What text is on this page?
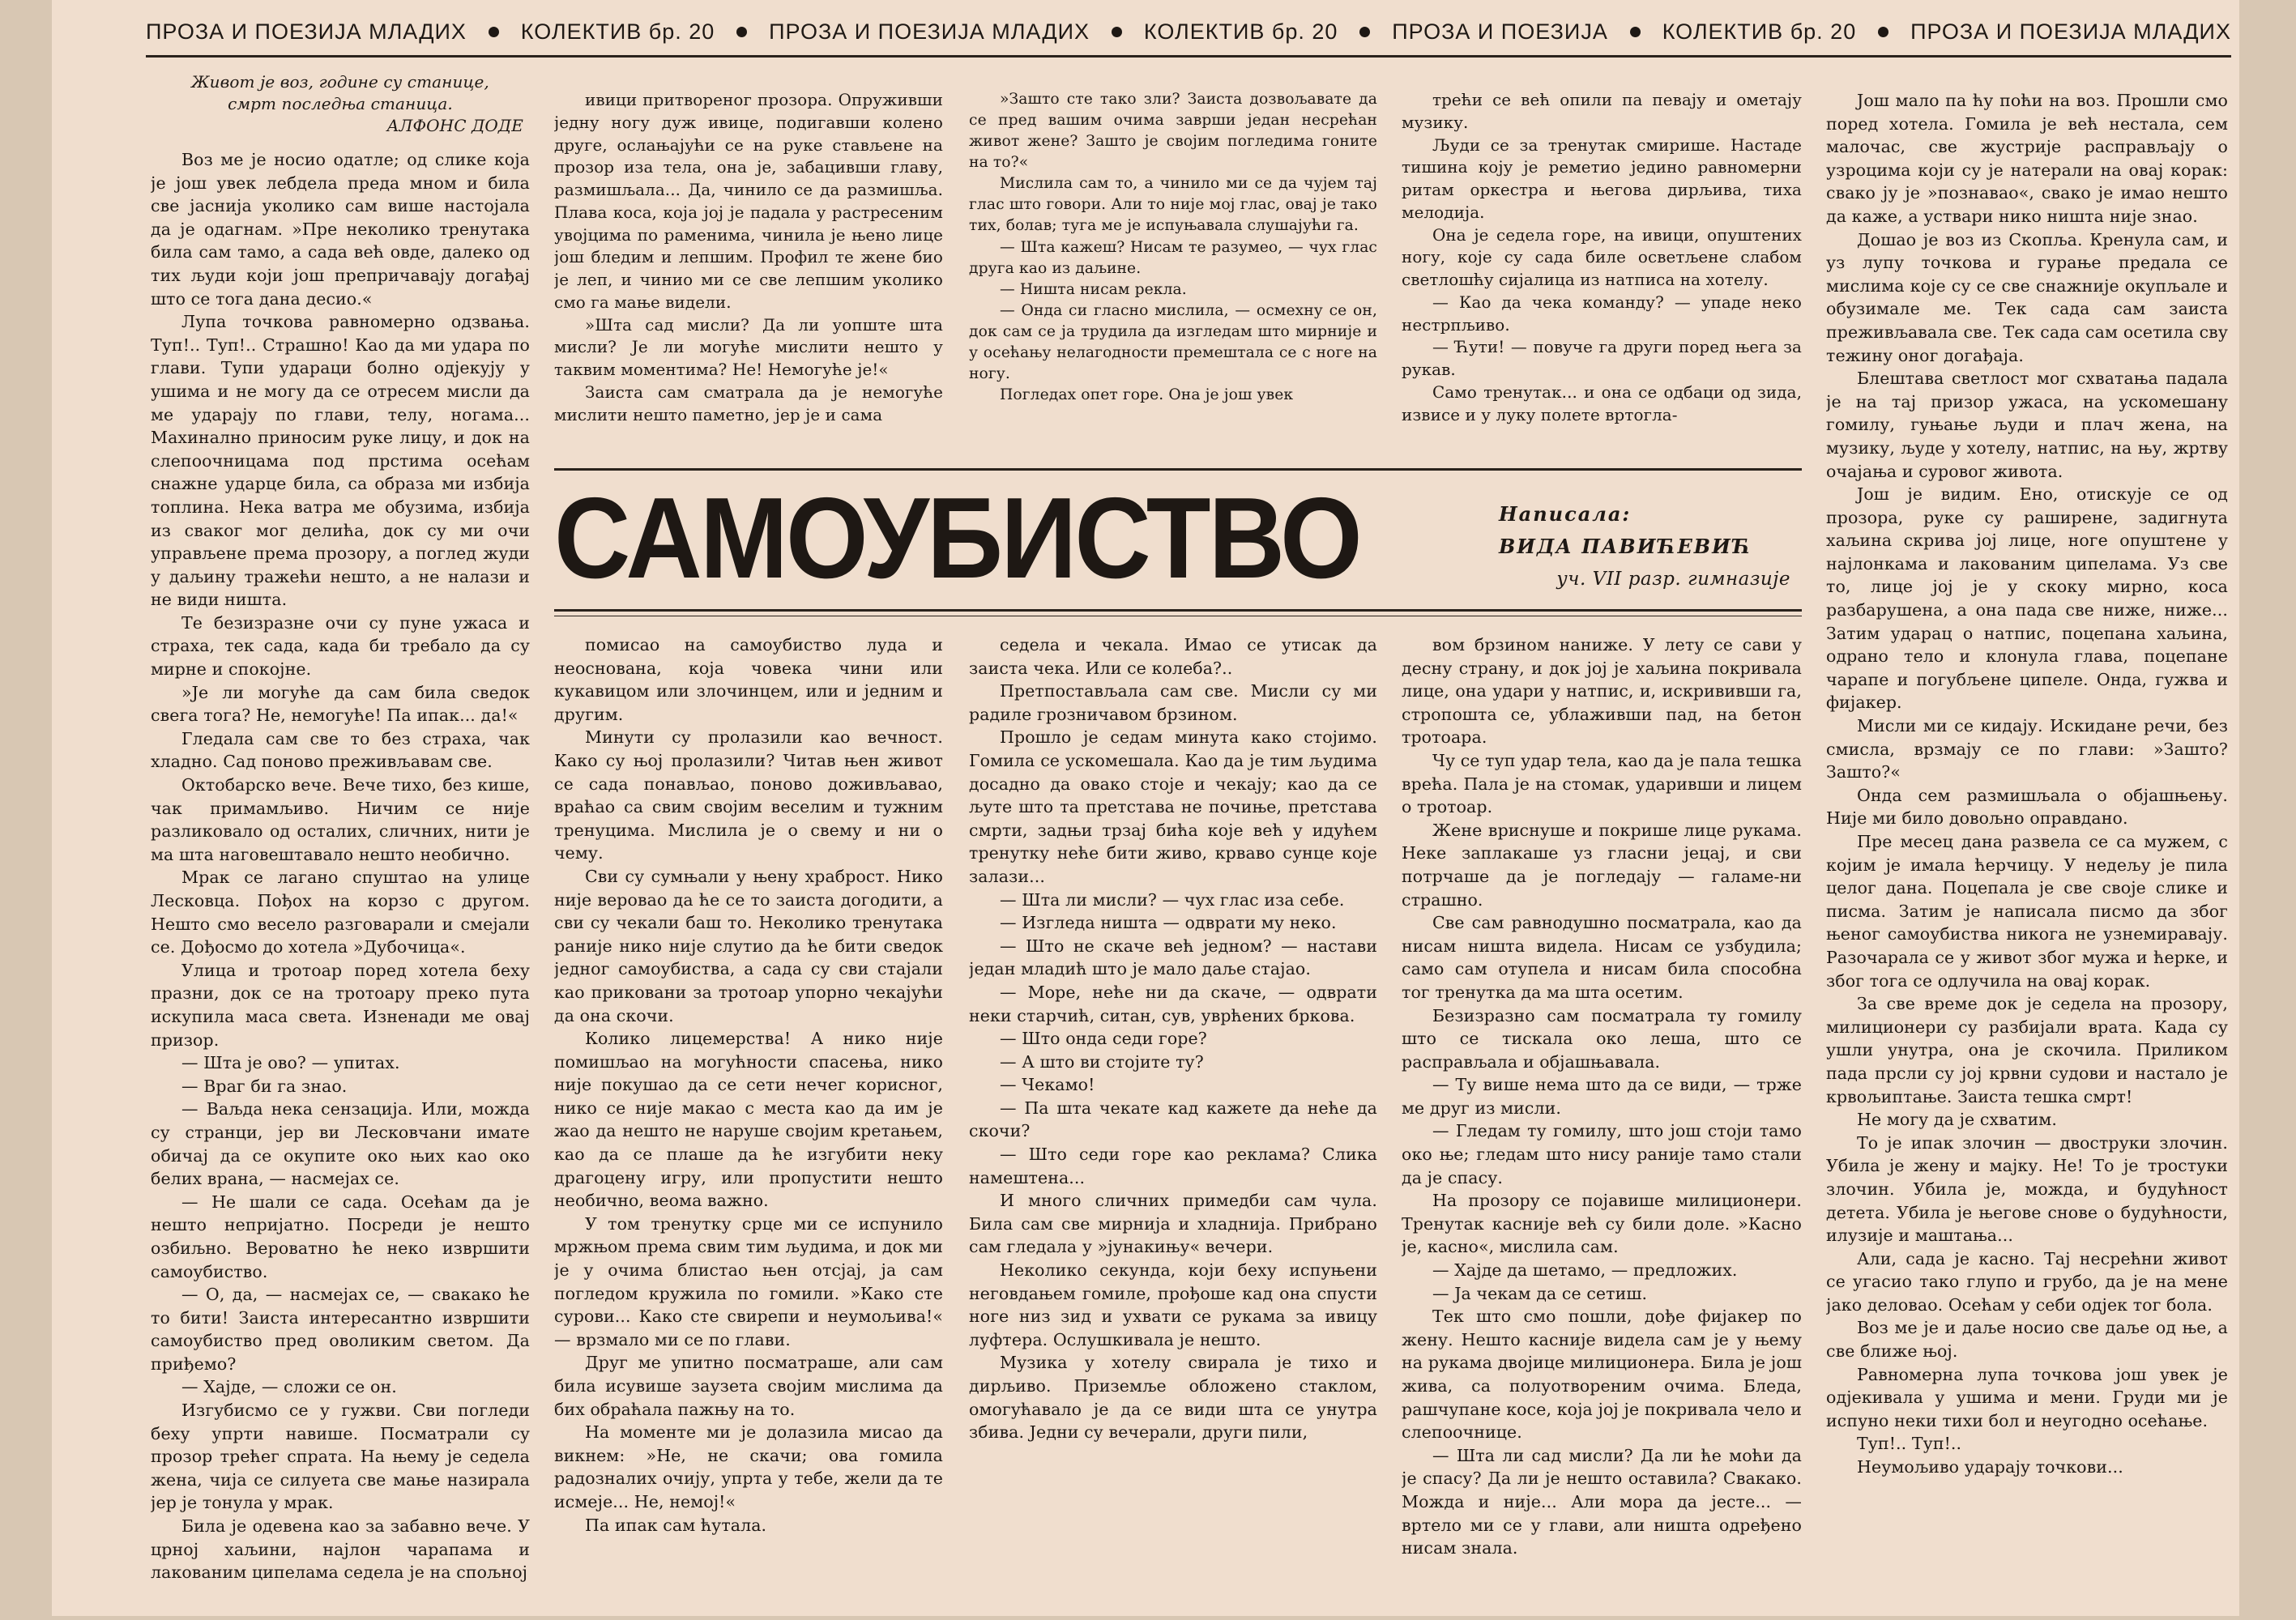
ПРОЗА И ПОЕЗИЈА МЛАДИХ КОЛЕКТИВ бр. 20 ПРОЗА И ПОЕЗИЈА МЛАДИХ КОЛЕКТИВ бр. 20 ПРОЗА И ПОЕЗИЈА КОЛЕКТИВ бр. 20 ПРОЗА И ПОЕЗИЈА МЛАДИХ
Живот је воз, године су станице,
смрт последња станица.
АЛФОНС ДОДЕ

Воз ме је носио одатле; од слике која је још увек лебдела преда мном и била све јаснија уколико сам више настојала да је одагнам. »Пре неколико тренутака била сам тамо, а сада већ овде, далеко од тих људи који још препричавају догађај што се тога дана десио.«

Лупа точкова равномерно одзвања. Туп!.. Туп!.. Страшно! Као да ми удара по глави. Тупи удараци болно одјекују у ушима и не могу да се отресем мисли да ме ударају по глави, телу, ногама... Махинално приносим руке лицу, и док на слепоочницама под прстима осећам снажне ударце била, са образа ми избија топлина. Нека ватра ме обузима, избија из сваког мог делића, док су ми очи управљене према прозору, а поглед жуди у даљину тражећи нешто, а не налази и не види ништа.

Те безизразне очи су пуне ужаса и страха, тек сада, када би требало да су мирне и спокојне.

»Је ли могуће да сам била сведок свега тога? Не, немогуће! Па ипак... да!«

Гледала сам све то без страха, чак хладно. Сад поново преживљавам све.

Октобарско вече. Вече тихо, без кише, чак примамљиво. Ничим се није разликовало од осталих, сличних, нити је ма шта наговештавало нешто необично.

Мрак се лагано спуштао на улице Лесковца. Пођох на корзо с другом. Нешто смо весело разговарали и смејали се. Дођосмо до хотела »Дубочица«.

Улица и тротоар поред хотела беху празни, док се на тротоару преко пута искупила маса света. Изненади ме овај призор.

— Шта је ово? — упитах.

— Враг би га знао.

— Ваљда нека сензација. Или, можда су странци, јер ви Лесковчани имате обичај да се окупите око њих као око белих врана, — насмејах се.

— Не шали се сада. Осећам да је нешто непријатно. Посреди је нешто озбиљно. Вероватно ће неко извршити самоубиство.

— О, да, — насмејах се, — свакако ће то бити! Заиста интересантно извршити самоубиство пред оволиким светом. Да приђемо?

— Хајде, — сложи се он.

Изгубисмо се у гужви. Сви погледи беху упрти навише. Посматрали су прозор трећег спрата. На њему је седела жена, чија се силуета све мање назирала јер је тонула у мрак.

Била је одевена као за забавно вече. У црној хаљини, најлон чарапама и лакованим ципелама седела је на спољној

ивици притвореног прозора. Опруживши једну ногу дуж ивице, подигавши колено друге, ослањајући се на руке стављене на прозор иза тела, она је, забацивши главу, размишљала... Да, чинило се да размишља. Плава коса, која јој је падала у растресеним увојцима по раменима, чинила је њено лице још бледим и лепшим. Профил те жене био је леп, и чинио ми се све лепшим уколико смо га мање видели.

»Шта сад мисли? Да ли уопште шта мисли? Је ли могуће мислити нешто у таквим моментима? Не! Немогуће је!«

Заиста сам сматрала да је немогуће мислити нешто паметно, јер је и сама

»Зашто сте тако зли? Заиста дозвољавате да се пред вашим очима заврши један несрећан живот жене? Зашто је својим погледима гоните на то?«

Мислила сам то, а чинило ми се да чујем тај глас што говори. Али то није мој глас, овај је тако тих, болав; туга ме је испуњавала слушајући га.

— Шта кажеш? Нисам те разумео, — чух глас друга као из даљине.

— Ништа нисам рекла.

— Онда си гласно мислила, — осмехну се он, док сам се ја трудила да изгледам што мирније и у осећању нелагодности премештала се с ноге на ногу.

Погледах опет горе. Она је још увек

трећи се већ опили па певају и ометају музику.

Људи се за тренутак смирише. Настаде тишина коју је реметио једино равномерни ритам оркестра и његова дирљива, тиха мелодија.

Она је седела горе, на ивици, опуштених ногу, које су сада биле осветљене слабом светлошћу сијалица из натписа на хотелу.

— Као да чека команду? — упаде неко нестрпљиво.

— Ћути! — повуче га други поред њега за рукав.

Само тренутак... и она се одбаци од зида, извисе и у луку полете вртогла-

САМОУБИСТВО	Написала:
ВИДА ПАВИЋЕВИЋ
уч. VII разр. гимназије

помисао на самоубиство луда и неоснована, која човека чини или кукавицом или злочинцем, или и једним и другим.

Минути су пролазили као вечност. Како су њој пролазили? Читав њен живот се сада понављао, поново доживљавао, враћао са свим својим веселим и тужним тренуцима. Мислила је о свему и ни о чему.

Сви су сумњали у њену храброст. Нико није веровао да ће се то заиста догодити, а сви су чекали баш то. Неколико тренутака раније нико није слутио да ће бити сведок једног самоубиства, а сада су сви стајали као приковани за тротоар упорно чекајући да она скочи.

Колико лицемерства! А нико није помишљао на могућности спасења, нико није покушао да се сети нечег корисног, нико се није макао с места као да им је жао да нешто не наруше својим кретањем, као да се плаше да ће изгубити неку драгоцену игру, или пропустити нешто необично, веома важно.

У том тренутку срце ми се испунило мржњом према свим тим људима, и док ми је у очима блистао њен отсјај, ја сам погледом кружила по гомили. »Како сте сурови... Како сте свирепи и неумољива!« — врзмало ми се по глави.

Друг ме упитно посматраше, али сам била исувише заузета својим мислима да бих обраћала пажњу на то.

На моменте ми је долазила мисао да викнем: »Не, не скачи; ова гомила радозналих очију, упрта у тебе, жели да те исмеје... Не, немој!«

Па ипак сам ћутала.

седела и чекала. Имао се утисак да заиста чека. Или се колеба?..

Претпостављала сам све. Мисли су ми радиле грозничавом брзином.

Прошло је седам минута како стојимо. Гомила се ускомешала. Као да је тим људима досадно да овако стоје и чекају; као да се љуте што та претстава не почиње, претстава смрти, задњи трзај бића које већ у идућем тренутку неће бити живо, крваво сунце које залази...

— Шта ли мисли? — чух глас иза себе.

— Изгледа ништа — одврати му неко.

— Што не скаче већ једном? — настави један младић што је мало даље стајао.

— Море, неће ни да скаче, — одврати неки старчић, ситан, сув, уврћених бркова.

— Што онда седи горе?

— А што ви стојите ту?

— Чекамо!

— Па шта чекате кад кажете да неће да скочи?

— Што седи горе као реклама? Слика намештена...

И много сличних примедби сам чула. Била сам све мирнија и хладнија. Прибрано сам гледала у »јунакињу« вечери.

Неколико секунда, који беху испуњени неговдањем гомиле, прођоше кад она спусти ноге низ зид и ухвати се рукама за ивицу луфтера. Ослушкивала је нешто.

Музика у хотелу свирала је тихо и дирљиво. Приземље обложено стаклом, омогућавало је да се види шта се унутра збива. Једни су вечерали, други пили,

вом брзином наниже. У лету се сави у десну страну, и док јој је хаљина покривала лице, она удари у натпис, и, искрививши га, стропошта се, ублаживши пад, на бетон тротоара.

Чу се туп удар тела, као да је пала тешка врећа. Пала је на стомак, ударивши и лицем о тротоар.

Жене вриснуше и покрише лице рукама. Неке заплакаше уз гласни јецај, и сви потрчаше да је погледају — галаме-ни страшно.

Све сам равнодушно посматрала, као да нисам ништа видела. Нисам се узбудила; само сам отупела и нисам била способна тог тренутка да ма шта осетим.

Безизразно сам посматрала ту гомилу што се тискала око леша, што се распрaвљала и објашњавала.

— Ту више нема што да се види, — трже ме друг из мисли.

— Гледам ту гомилу, што још стоји тамо око ње; гледам што нису раније тамо стали да је спасу.

На прозору се појавише милиционери. Тренутак касније већ су били доле. »Касно је, касно«, мислила сам.

— Хајде да шетамо, — предложих.

— Ја чекам да се сетиш.

Тек што смо пошли, дође фијакер по жену. Нешто касније видела сам је у њему на рукама двојице милиционера. Била је још жива, са полуотвореним очима. Бледа, рашчупане косе, која јој је покривала чело и слепоочнице.

— Шта ли сад мисли? Да ли ће моћи да је спасу? Да ли је нешто оставила? Свакако. Можда и није... Али мора да јесте... — вртело ми се у глави, али ништа одређено нисам знала.

Још мало па ћу поћи на воз. Прошли смо поред хотела. Гомила је већ нестала, сем малочас, све жустрије расправљају о узроцима који су је натерали на овај корак: свако ју је »познавао«, свако је имао нешто да каже, а уствари нико ништа није знао.

Дошао је воз из Скопља. Кренула сам, и уз лупу точкова и гурање предала се мислима које су се све снажније окупљале и обузимале ме. Тек сада сам заиста преживљавала све. Тек сада сам осетила сву тежину оног догађаја.

Блештава светлост мог схватања падала је на тај призор ужаса, на ускомешану гомилу, гуњање људи и плач жена, на музику, људе у хотелу, натпис, на њу, жртву очајања и суровог живота.

Још је видим. Ено, отискује се од прозора, руке су раширене, задигнута хаљина скрива јој лице, ноге опуштене у најлонкама и лакованим ципелама. Уз све то, лице јој је у скоку мирно, коса разбарушена, а она пада све ниже, ниже... Затим ударац о натпис, поцепана хаљина, одрано тело и клонула глава, поцепане чарапе и погубљене ципеле. Онда, гужва и фијакер.

Мисли ми се кидају. Искидане речи, без смисла, врзмају се по глави: »Зашто? Зашто?«

Онда сем размишљала о објашњењу. Није ми било довољно оправдано.

Пре месец дана развела се са мужем, с којим је имала ћерчицу. У недељу је пила целог дана. Поцепала је све своје слике и писма. Затим је написала писмо да због њеног самоубиства никога не узнемиравају. Разочарала се у живот због мужа и ћерке, и због тога се одлучила на овај корак.

За све време док је седела на прозору, милиционери су разбијали врата. Када су ушли унутра, она је скочила. Приликом пада прсли су јој крвни судови и настало је крвољиптање. Заиста тешка смрт!

Не могу да је схватим.

То је ипак злочин — двоструки злочин. Убила је жену и мајку. Не! То је тростуки злочин. Убила је, можда, и будућност детета. Убила је његове снове о будућности, илузије и маштања...

Али, сада је касно. Тај несрећни живот се угасио тако глупо и грубо, да је на мене јако деловао. Осећам у себи одјек тог бола.

Воз ме је и даље носио све даље од ње, а све ближе њој.

Равномерна лупа точкова још увек је одјекивала у ушима и мени. Груди ми је испуно неки тихи бол и неугодно осећање.

Туп!.. Туп!..

Неумољиво ударају точкови...
